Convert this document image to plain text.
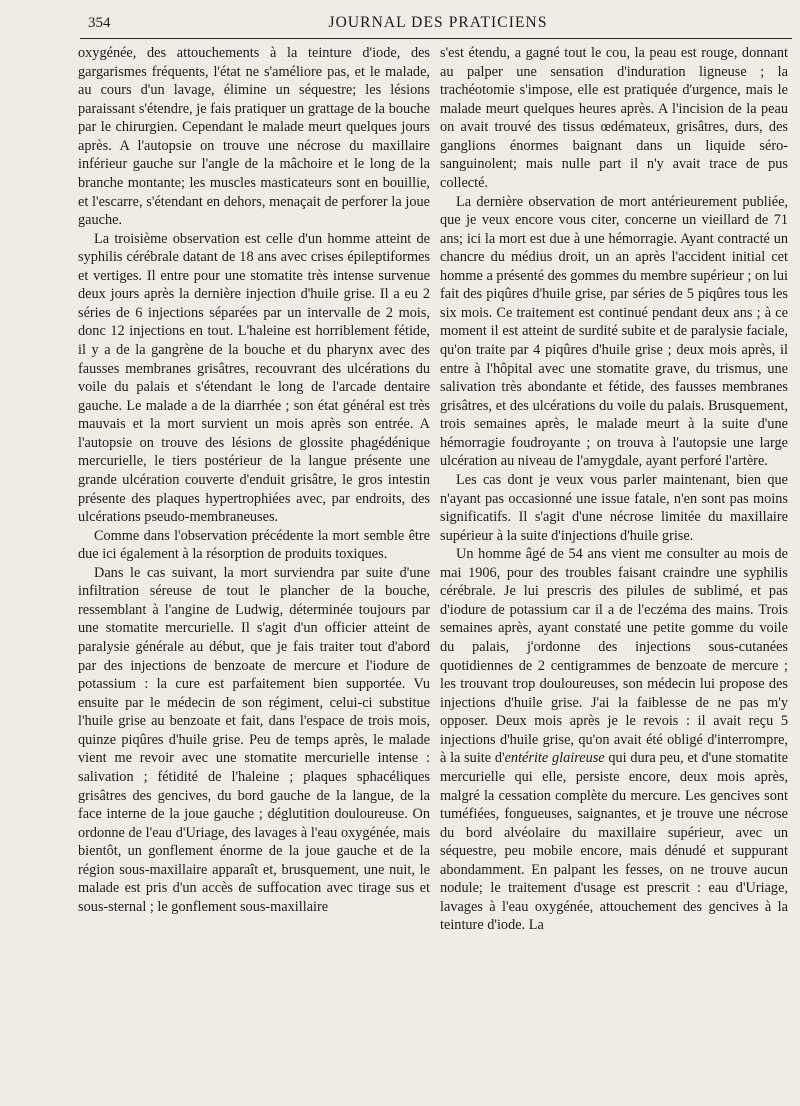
354	JOURNAL DES PRATICIENS

oxygénée, des attouchements à la teinture d'iode, des gargarismes fréquents, l'état ne s'améliore pas, et le malade, au cours d'un lavage, élimine un séquestre; les lésions paraissant s'étendre, je fais pratiquer un grattage de la bouche par le chirurgien. Cependant le malade meurt quelques jours après. A l'autopsie on trouve une nécrose du maxillaire inférieur gauche sur l'angle de la mâchoire et le long de la branche montante; les muscles masticateurs sont en bouillie, et l'escarre, s'étendant en dehors, menaçait de perforer la joue gauche.

La troisième observation est celle d'un homme atteint de syphilis cérébrale datant de 18 ans avec crises épileptiformes et vertiges. Il entre pour une stomatite très intense survenue deux jours après la dernière injection d'huile grise. Il a eu 2 séries de 6 injections séparées par un intervalle de 2 mois, donc 12 injections en tout. L'haleine est horriblement fétide, il y a de la gangrène de la bouche et du pharynx avec des fausses membranes grisâtres, recouvrant des ulcérations du voile du palais et s'étendant le long de l'arcade dentaire gauche. Le malade a de la diarrhée ; son état général est très mauvais et la mort survient un mois après son entrée. A l'autopsie on trouve des lésions de glossite phagédénique mercurielle, le tiers postérieur de la langue présente une grande ulcération couverte d'enduit grisâtre, le gros intestin présente des plaques hypertrophiées avec, par endroits, des ulcérations pseudo-membraneuses.

Comme dans l'observation précédente la mort semble être due ici également à la résorption de produits toxiques.

Dans le cas suivant, la mort surviendra par suite d'une infiltration séreuse de tout le plancher de la bouche, ressemblant à l'angine de Ludwig, déterminée toujours par une stomatite mercurielle. Il s'agit d'un officier atteint de paralysie générale au début, que je fais traiter tout d'abord par des injections de benzoate de mercure et l'iodure de potassium : la cure est parfaitement bien supportée. Vu ensuite par le médecin de son régiment, celui-ci substitue l'huile grise au benzoate et fait, dans l'espace de trois mois, quinze piqûres d'huile grise. Peu de temps après, le malade vient me revoir avec une stomatite mercurielle intense : salivation ; fétidité de l'haleine ; plaques sphacéliques grisâtres des gencives, du bord gauche de la langue, de la face interne de la joue gauche ; déglutition douloureuse. On ordonne de l'eau d'Uriage, des lavages à l'eau oxygénée, mais bientôt, un gonflement énorme de la joue gauche et de la région sous-maxillaire apparaît et, brusquement, une nuit, le malade est pris d'un accès de suffocation avec tirage sus et sous-sternal ; le gonflement sous-maxillaire

s'est étendu, a gagné tout le cou, la peau est rouge, donnant au palper une sensation d'induration ligneuse ; la trachéotomie s'impose, elle est pratiquée d'urgence, mais le malade meurt quelques heures après. A l'incision de la peau on avait trouvé des tissus œdémateux, grisâtres, durs, des ganglions énormes baignant dans un liquide séro-sanguinolent; mais nulle part il n'y avait trace de pus collecté.

La dernière observation de mort antérieurement publiée, que je veux encore vous citer, concerne un vieillard de 71 ans; ici la mort est due à une hémorragie. Ayant contracté un chancre du médius droit, un an après l'accident initial cet homme a présenté des gommes du membre supérieur ; on lui fait des piqûres d'huile grise, par séries de 5 piqûres tous les six mois. Ce traitement est continué pendant deux ans ; à ce moment il est atteint de surdité subite et de paralysie faciale, qu'on traite par 4 piqûres d'huile grise ; deux mois après, il entre à l'hôpital avec une stomatite grave, du trismus, une salivation très abondante et fétide, des fausses membranes grisâtres, et des ulcérations du voile du palais. Brusquement, trois semaines après, le malade meurt à la suite d'une hémorragie foudroyante ; on trouva à l'autopsie une large ulcération au niveau de l'amygdale, ayant perforé l'artère.

Les cas dont je veux vous parler maintenant, bien que n'ayant pas occasionné une issue fatale, n'en sont pas moins significatifs. Il s'agit d'une nécrose limitée du maxillaire supérieur à la suite d'injections d'huile grise.

Un homme âgé de 54 ans vient me consulter au mois de mai 1906, pour des troubles faisant craindre une syphilis cérébrale. Je lui prescris des pilules de sublimé, et pas d'iodure de potassium car il a de l'eczéma des mains. Trois semaines après, ayant constaté une petite gomme du voile du palais, j'ordonne des injections sous-cutanées quotidiennes de 2 centigrammes de benzoate de mercure ; les trouvant trop douloureuses, son médecin lui propose des injections d'huile grise. J'ai la faiblesse de ne pas m'y opposer. Deux mois après je le revois : il avait reçu 5 injections d'huile grise, qu'on avait été obligé d'interrompre, à la suite d'entérite glaireuse qui dura peu, et d'une stomatite mercurielle qui elle, persiste encore, deux mois après, malgré la cessation complète du mercure. Les gencives sont tuméfiées, fongueuses, saignantes, et je trouve une nécrose du bord alvéolaire du maxillaire supérieur, avec un séquestre, peu mobile encore, mais dénudé et suppurant abondamment. En palpant les fesses, on ne trouve aucun nodule; le traitement d'usage est prescrit : eau d'Uriage, lavages à l'eau oxygénée, attouchement des gencives à la teinture d'iode. La
